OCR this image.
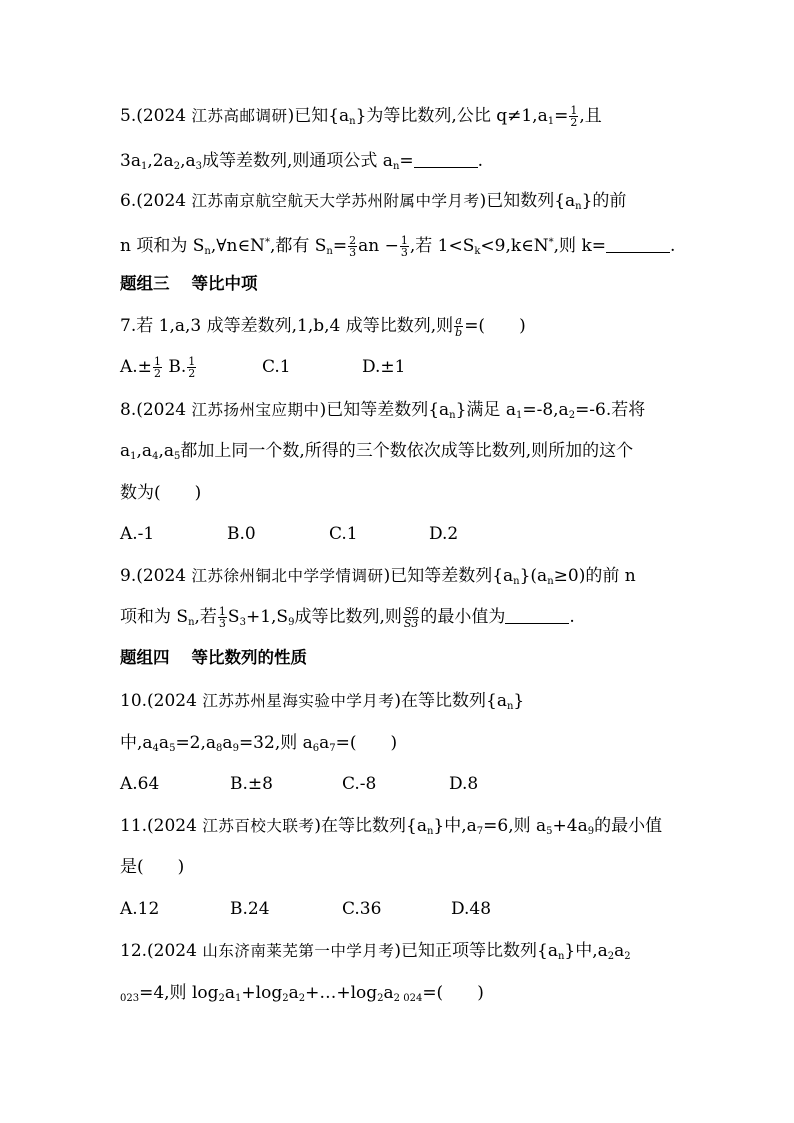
5.(2024 江苏高邮调研)已知$\{a_n\}$为等比数列,公比 $q\ne 1,a_1= \frac{1}{2}$ ,且
$3a_1,2a_2,a_3$成等差数列,则通项公式 $a_n=$	.
6.(2024 江苏南京航空航天大学苏州附属中学月考)已知数列$\{a_n\}$的前
n 项和为 $S_n,\forall n\in N^*$,都有 $S_n= \frac{2}{3}$ an − $\frac{1}{3}$ ,若 $1<S_k<9,k\in N^*$,则 k=	.
题组三 等比中项
7.若 1,a,3 成等差数列,1,b,4 成等比数列,则 $\frac{a}{b}$ =( )
$A.\pm \frac{1}{2} B$. $\frac{1}{2}$	C.1	D.±1
8.(2024 江苏扬州宝应期中)已知等差数列$\{a_n\}$满足 $a_1=-8,a_2=-6$.若将
$a_1,a_4,a_5$都加上同一个数,所得的三个数依次成等比数列,则所加的这个
数为( )
A.-1	B.0	C.1	D.2
9.(2024 江苏徐州铜北中学学情调研)已知等差数列$\{a_n\}(a_n\ge 0)$的前 n
项和为 $S_n$,若 $\frac{1}{3} S_3+1,S_9$成等比数列,则 $\frac{S6}{S3}$ 的最小值为	.
题组四 等比数列的性质
10.(2024 江苏苏州星海实验中学月考)在等比数列$\{a_n\}$
中$,a_4a_5=2,a_8a_9=32$,则 $a_6a_7=$( )
A.64	B.±8	C.-8	D.8
11.(2024 江苏百校大联考)在等比数列$\{a_n\}$中$,a_7=6$,则 $a_5+4a_9$的最小值
是( )
A.12	B.24	C.36	D.48
12.(2024 山东济南莱芜第一中学月考)已知正项等比数列$\{a_n\}$中$,a_2a_2$
$_{023}$=4,则 $\log_2a_1+\log_2a_2+\dots+\log_2a_{2 024}=$( )
